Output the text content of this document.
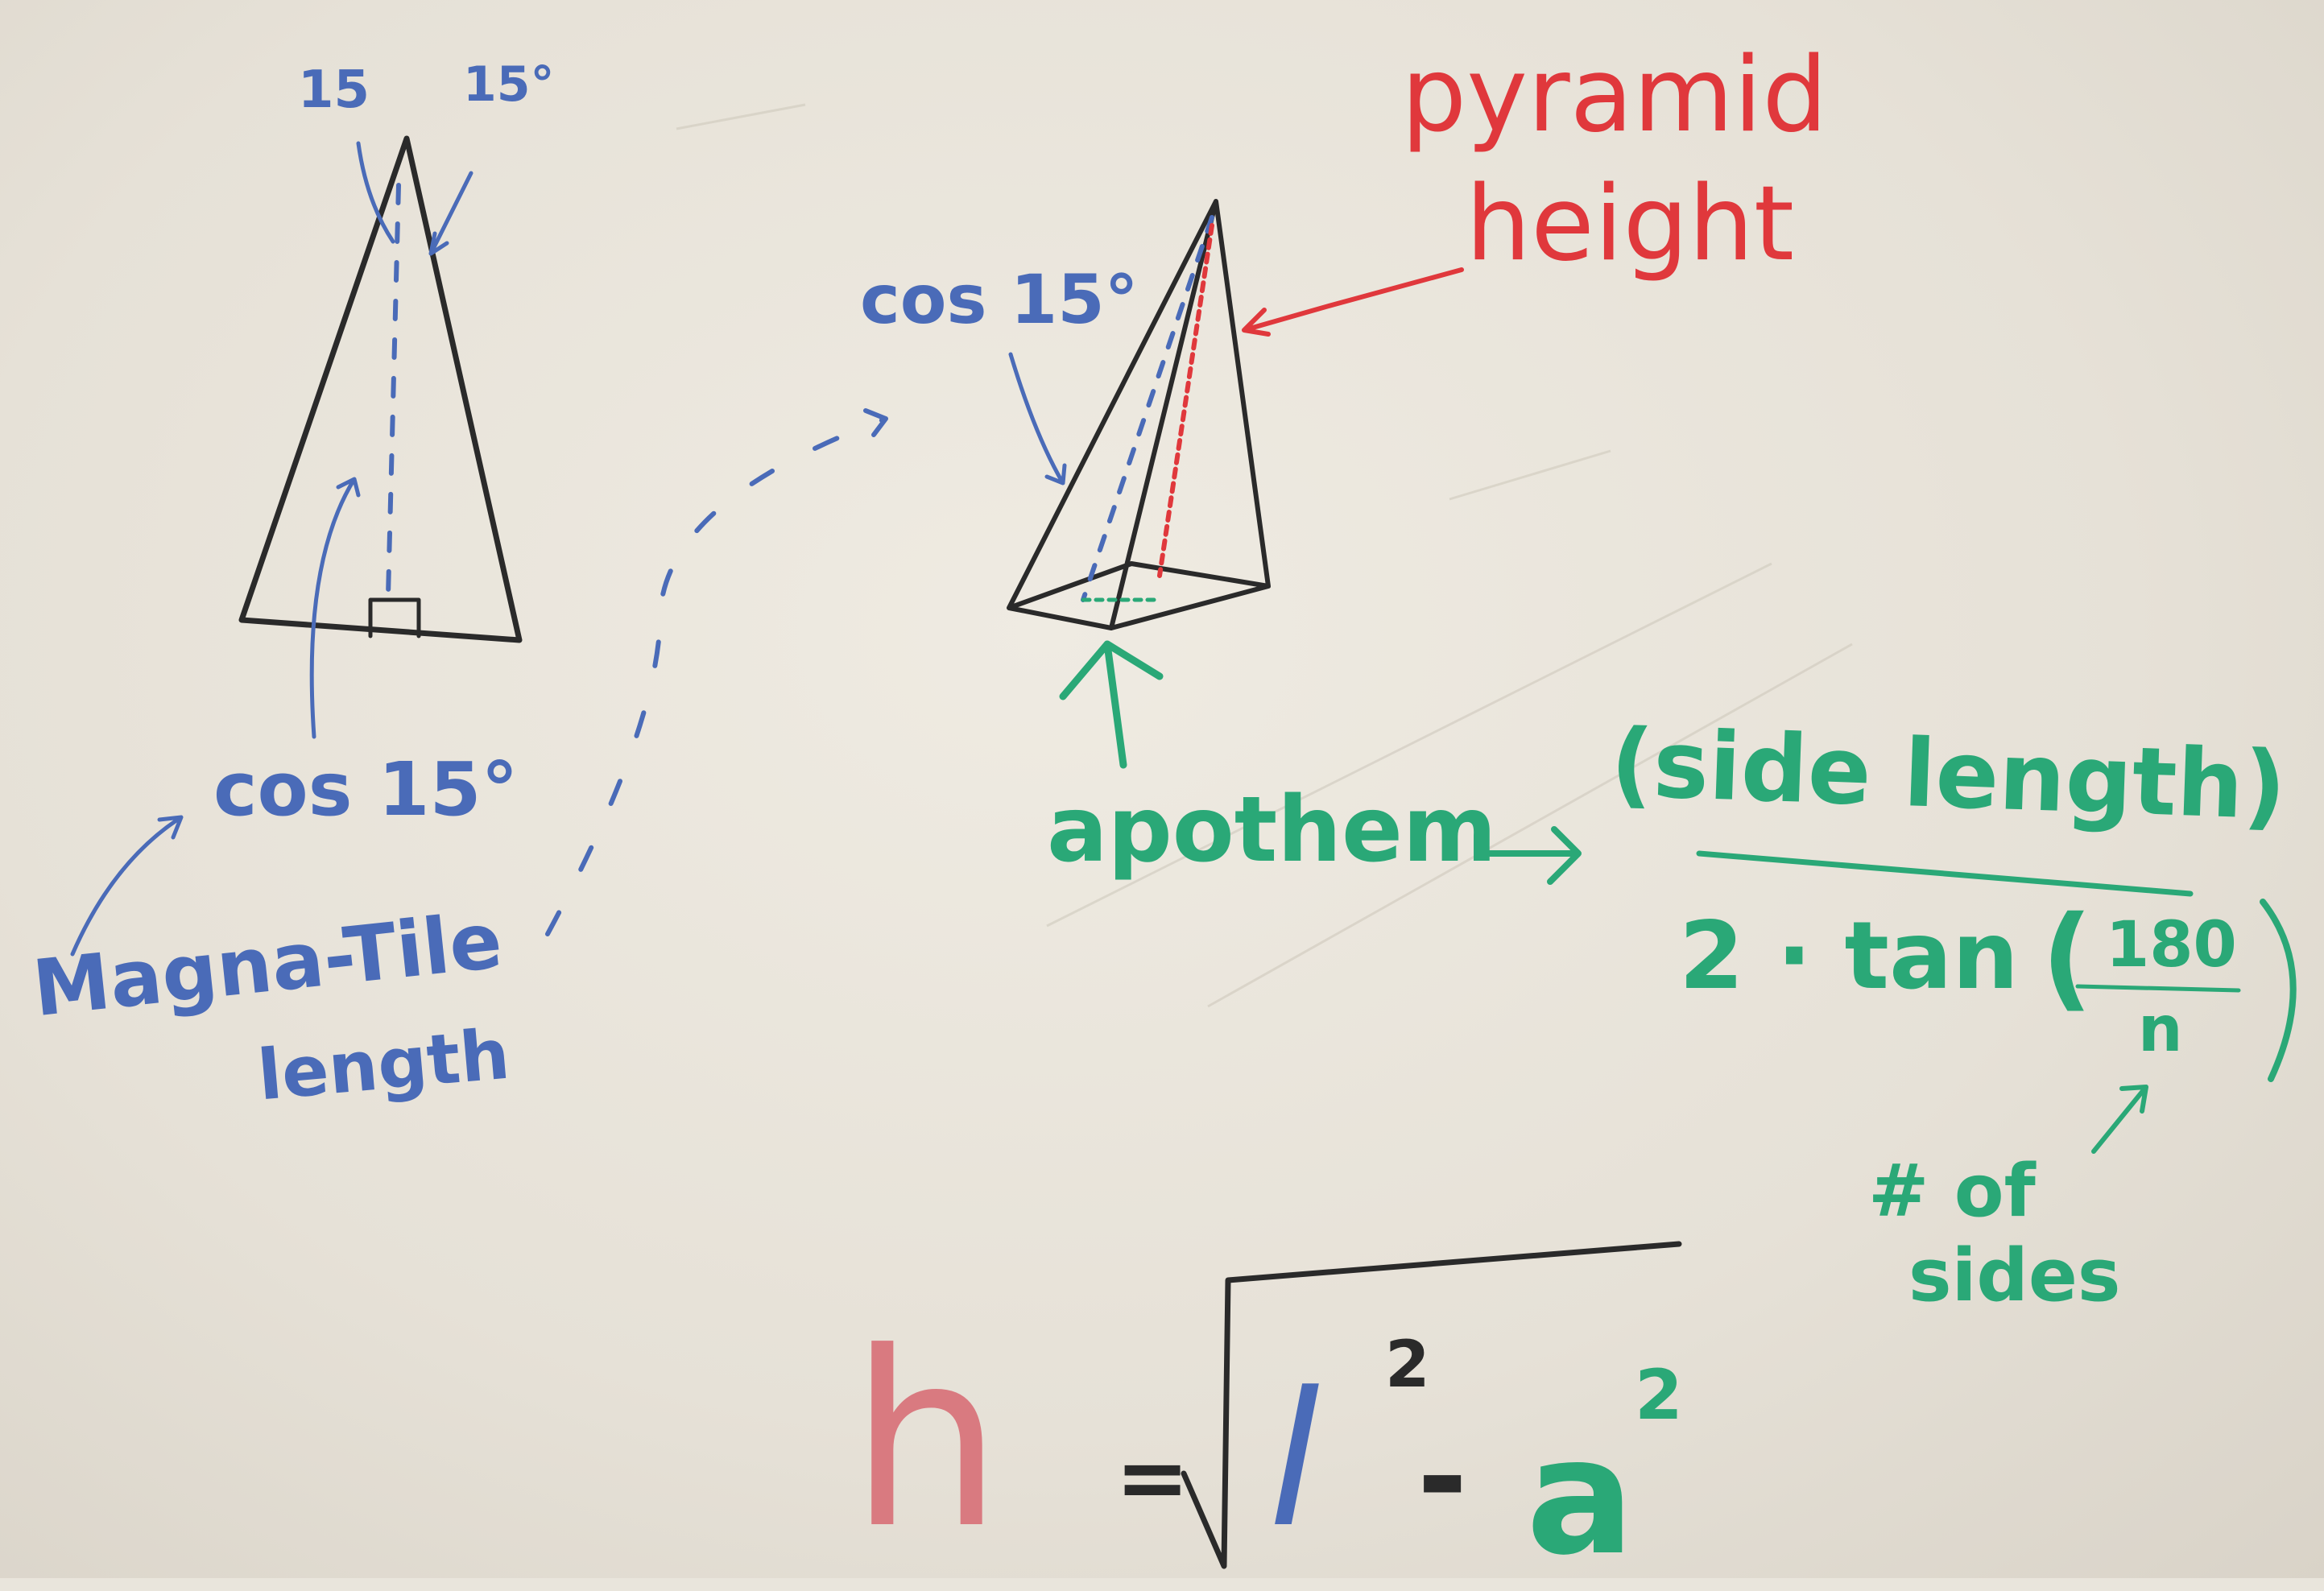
15 15°
cos 15°
Magna-Tile
length
cos 15°
pyramid
height
apothem (side length)
2 · tan ( 180
n
# of
sides
h = l 2
- a
2
